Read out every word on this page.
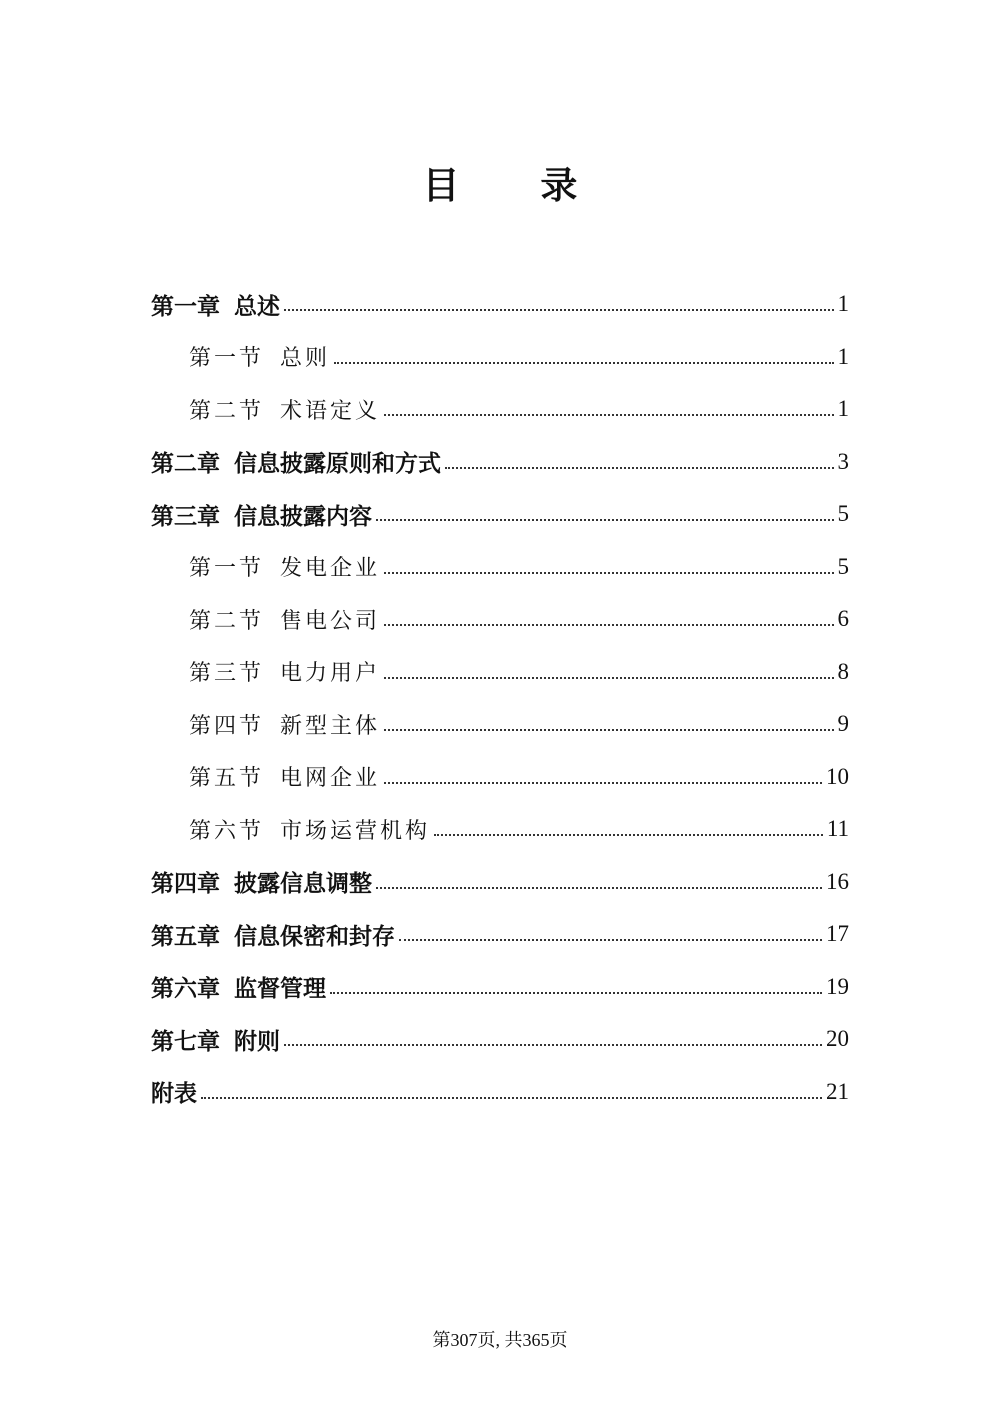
目 录
第一章 总述	1
第一节 总则	1
第二节 术语定义	1
第二章 信息披露原则和方式	3
第三章 信息披露内容	5
第一节 发电企业	5
第二节 售电公司	6
第三节 电力用户	8
第四节 新型主体	9
第五节 电网企业	10
第六节 市场运营机构	11
第四章 披露信息调整	16
第五章 信息保密和封存	17
第六章 监督管理	19
第七章 附则	20
附表	21
第307页, 共365页
